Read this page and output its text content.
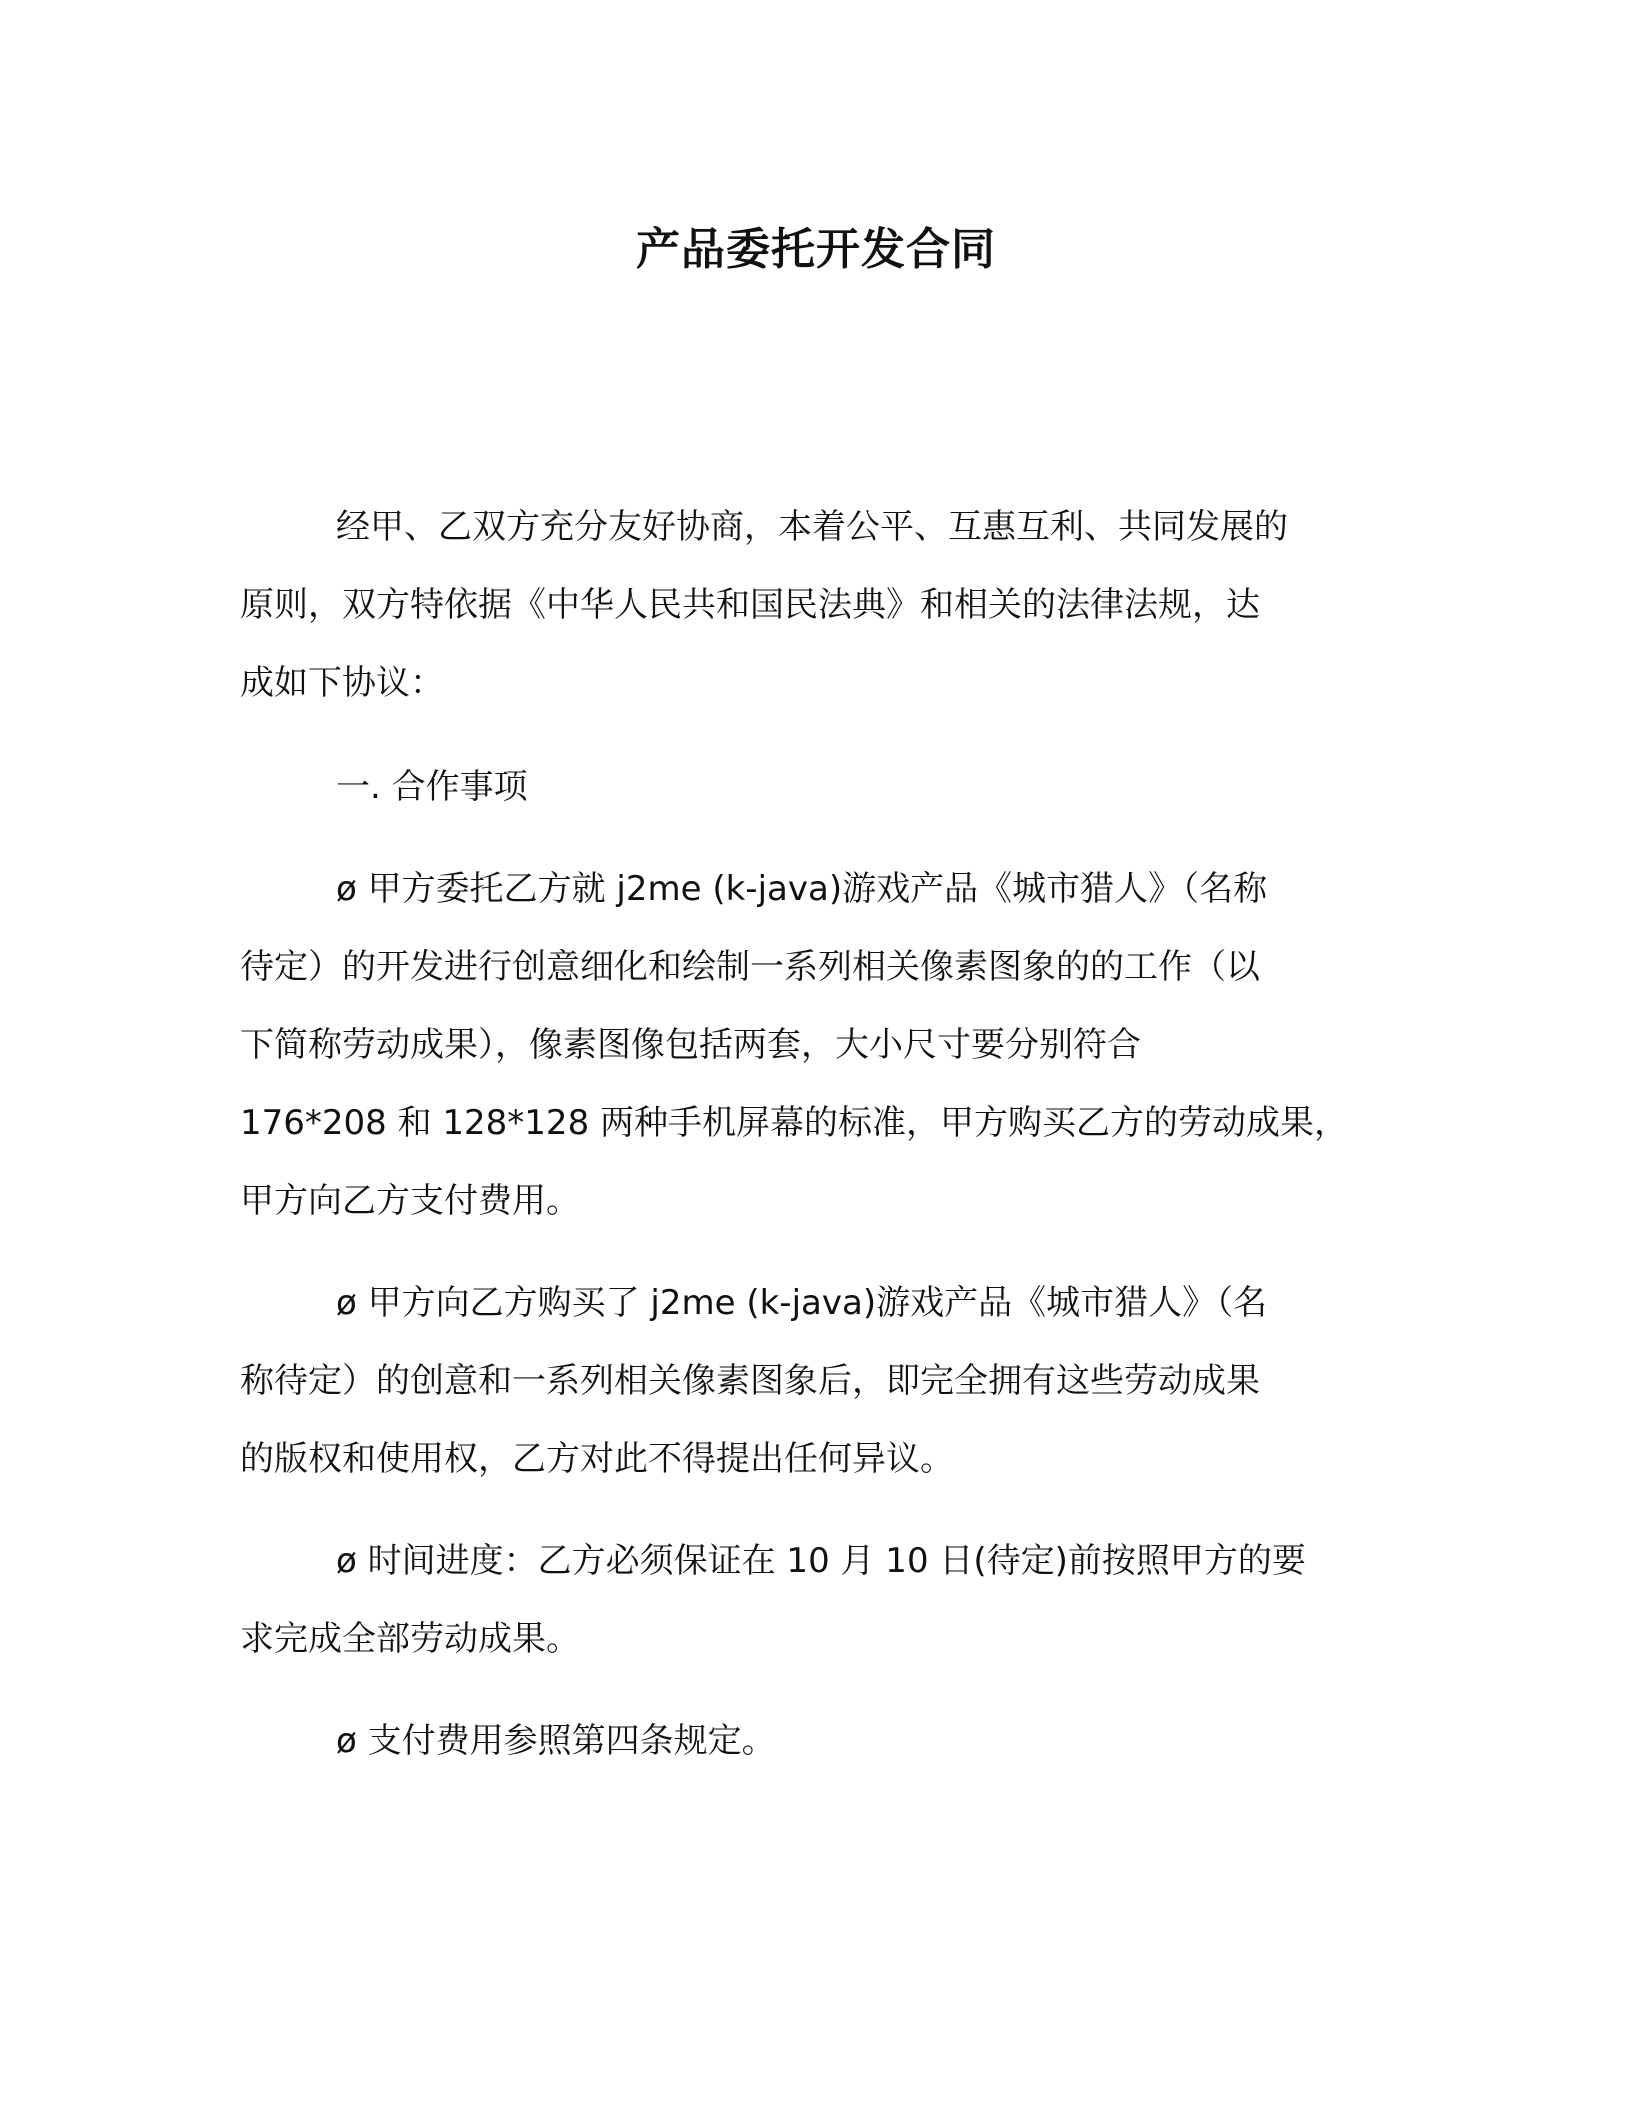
产品委托开发合同

经甲、乙双方充分友好协商，本着公平、互惠互利、共同发展的
原则，双方特依据《中华人民共和国民法典》和相关的法律法规，达
成如下协议：

一. 合作事项

ø 甲方委托乙方就 j2me (k-java)游戏产品《城市猎人》（名称
待定）的开发进行创意细化和绘制一系列相关像素图象的的工作（以
下简称劳动成果），像素图像包括两套，大小尺寸要分别符合
176*208 和 128*128 两种手机屏幕的标准，甲方购买乙方的劳动成果，
甲方向乙方支付费用。

ø 甲方向乙方购买了 j2me (k-java)游戏产品《城市猎人》（名
称待定）的创意和一系列相关像素图象后，即完全拥有这些劳动成果
的版权和使用权，乙方对此不得提出任何异议。

ø 时间进度：乙方必须保证在 10 月 10 日(待定)前按照甲方的要
求完成全部劳动成果。

ø 支付费用参照第四条规定。
